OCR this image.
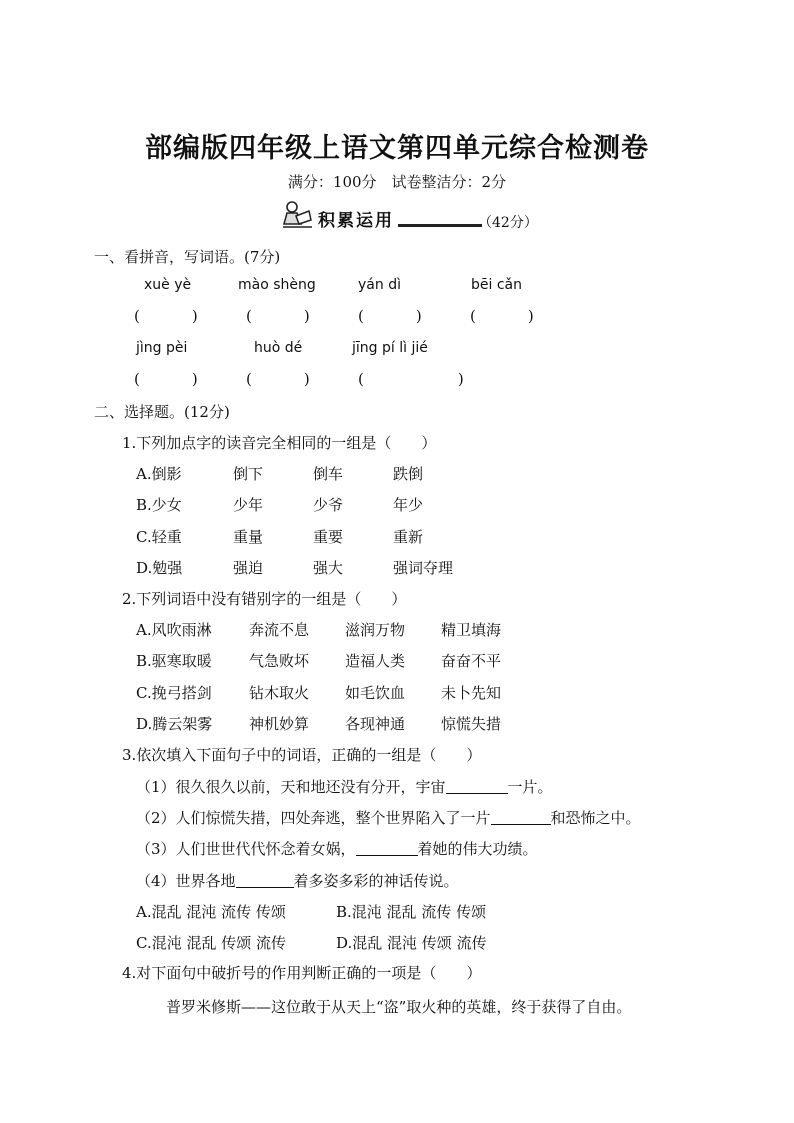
部编版四年级上语文第四单元综合检测卷
满分：100分　试卷整洁分：2分
积累运用	（42分）
一、看拼音，写词语。(7分)
xuè yè	mào shèng	yán dì	bēi cǎn
(	)	(	)	(	)	(	)
jìng pèi	huò dé	jīng pí lì jié
(	)	(	)	(	)
二、选择题。(12分)
1.下列加点字的读音完全相同的一组是（　　）
A.倒影	倒下	倒车	跌倒
B.少女	少年	少爷	年少
C.轻重	重量	重要	重新
D.勉强	强迫	强大	强词夺理
2.下列词语中没有错别字的一组是（　　）
A.风吹雨淋 奔流不息 滋润万物 精卫填海
B.驱寒取暖 气急败坏 造福人类 奋奋不平
C.挽弓搭剑 钻木取火 如毛饮血 未卜先知
D.腾云架雾 神机妙算 各现神通 惊慌失措
3.依次填入下面句子中的词语，正确的一组是（　　）
（1）很久很久以前，天和地还没有分开，宇宙	一片。
（2）人们惊慌失措，四处奔逃，整个世界陷入了一片	和恐怖之中。
（3）人们世世代代怀念着女娲，	着她的伟大功绩。
（4）世界各地	着多姿多彩的神话传说。
A.混乱 混沌 流传 传颂	B.混沌 混乱 流传 传颂
C.混沌 混乱 传颂 流传	D.混乱 混沌 传颂 流传
4.对下面句中破折号的作用判断正确的一项是（　　）
普罗米修斯——这位敢于从天上“盗”取火种的英雄，终于获得了自由。
